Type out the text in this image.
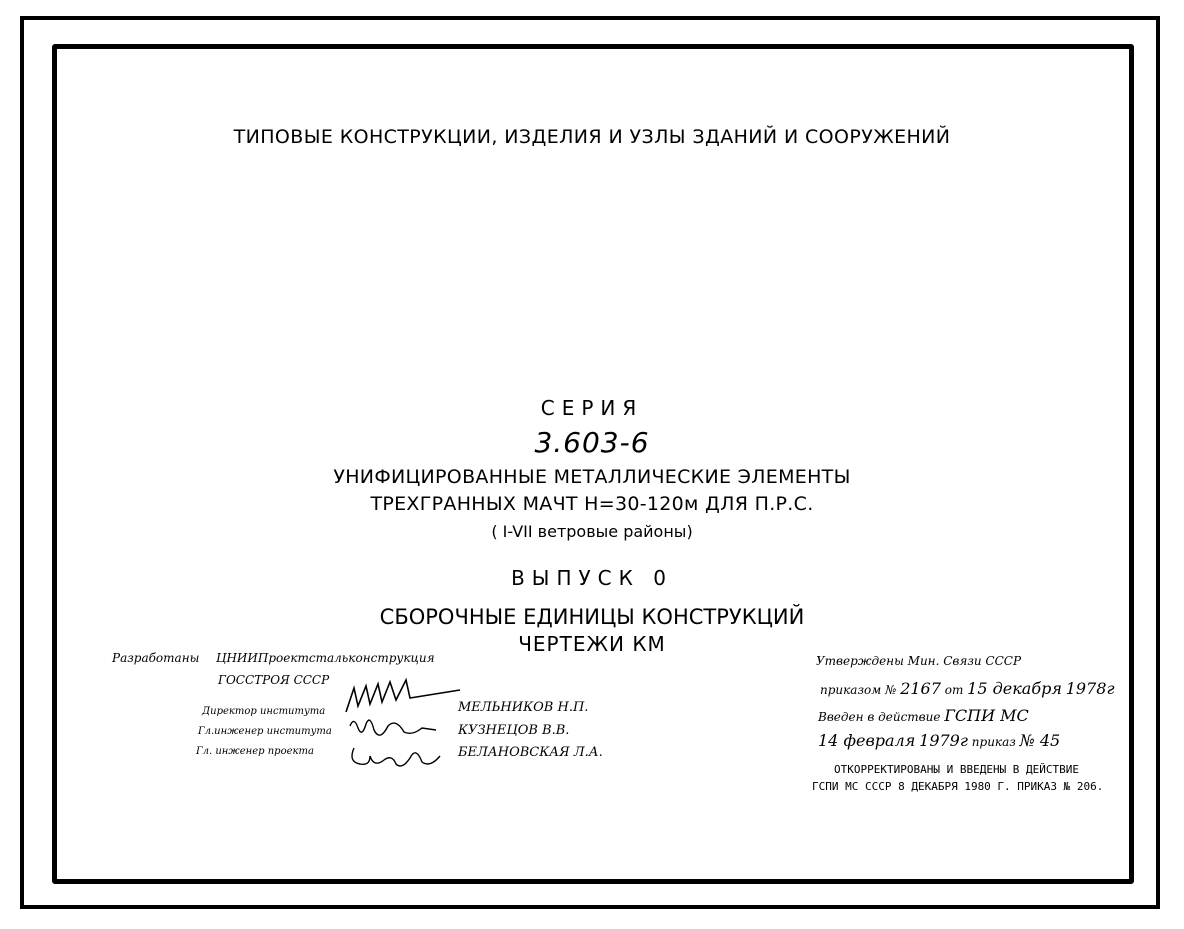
ТИПОВЫЕ КОНСТРУКЦИИ, ИЗДЕЛИЯ И УЗЛЫ ЗДАНИЙ И СООРУЖЕНИЙ
СЕРИЯ
3.603-6
УНИФИЦИРОВАННЫЕ МЕТАЛЛИЧЕСКИЕ ЭЛЕМЕНТЫ
ТРЕХГРАННЫХ МАЧТ Н=30-120м ДЛЯ П.Р.С.
( I-VII ветровые районы)
ВЫПУСК 0
СБОРОЧНЫЕ ЕДИНИЦЫ КОНСТРУКЦИЙ
ЧЕРТЕЖИ КМ
Разработаны ЦНИИПроектстальконструкция
ГОССТРОЯ СССР
Директор института
Гл.инженер института
Гл. инженер проекта
МЕЛЬНИКОВ Н.П.
КУЗНЕЦОВ В.В.
БЕЛАНОВСКАЯ Л.А.
Утверждены Мин. Связи СССР
приказом № 2167 от 15 декабря 1978г
Введен в действие ГСПИ МС
14 февраля 1979г приказ № 45
ОТКОРРЕКТИРОВАНЫ И ВВЕДЕНЫ В ДЕЙСТВИЕ
ГСПИ МС СССР 8 ДЕКАБРЯ 1980 Г. ПРИКАЗ № 206.
